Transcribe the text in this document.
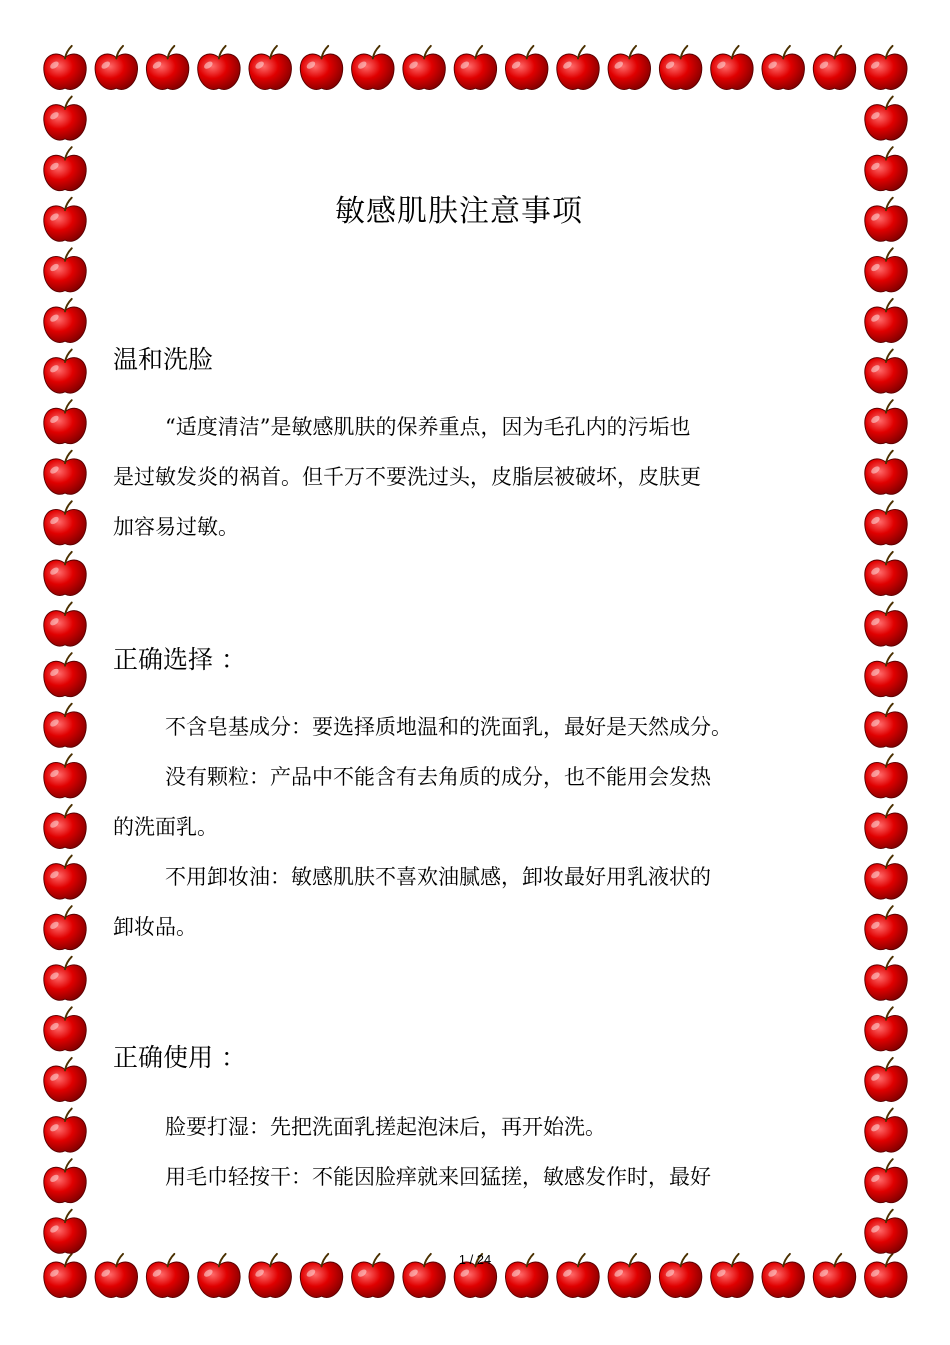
敏感肌肤注意事项
温和洗脸
“适度清洁”是敏感肌肤的保养重点，因为毛孔内的污垢也
是过敏发炎的祸首。但千万不要洗过头，皮脂层被破坏，皮肤更
加容易过敏。
正确选择 ：
不含皂基成分：要选择质地温和的洗面乳，最好是天然成分。
没有颗粒：产品中不能含有去角质的成分，也不能用会发热
的洗面乳。
不用卸妆油：敏感肌肤不喜欢油腻感，卸妆最好用乳液状的
卸妆品。
正确使用 ：
脸要打湿：先把洗面乳搓起泡沫后，再开始洗。
用毛巾轻按干：不能因脸痒就来回猛搓，敏感发作时，最好
1 / 24
